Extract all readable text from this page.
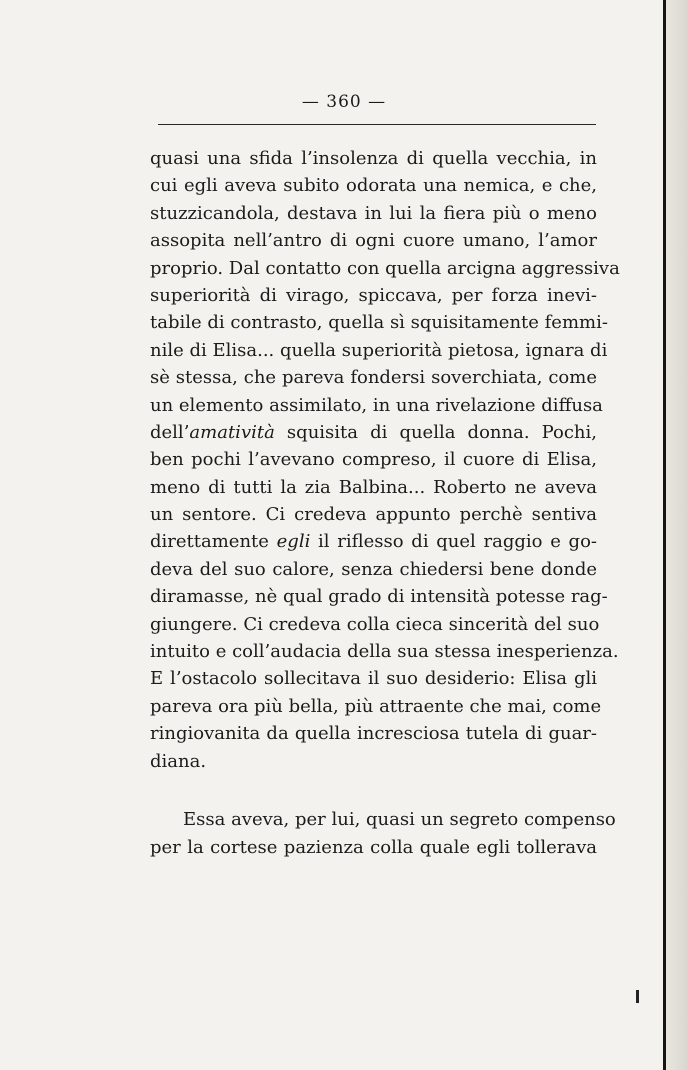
— 360 —
quasi una sfida l’insolenza di quella vecchia, in
cui egli aveva subito odorata una nemica, e che,
stuzzicandola, destava in lui la fiera più o meno
assopita nell’antro di ogni cuore umano, l’amor
proprio. Dal contatto con quella arcigna aggressiva
superiorità di virago, spiccava, per forza inevi-
tabile di contrasto, quella sì squisitamente femmi-
nile di Elisa... quella superiorità pietosa, ignara di
sè stessa, che pareva fondersi soverchiata, come
un elemento assimilato, in una rivelazione diffusa
dell’amatività squisita di quella donna. Pochi,
ben pochi l’avevano compreso, il cuore di Elisa,
meno di tutti la zia Balbina... Roberto ne aveva
un sentore. Ci credeva appunto perchè sentiva
direttamente egli il riflesso di quel raggio e go-
deva del suo calore, senza chiedersi bene donde
diramasse, nè qual grado di intensità potesse rag-
giungere. Ci credeva colla cieca sincerità del suo
intuito e coll’audacia della sua stessa inesperienza.
E l’ostacolo sollecitava il suo desiderio: Elisa gli
pareva ora più bella, più attraente che mai, come
ringiovanita da quella incresciosa tutela di guar-
diana.
Essa aveva, per lui, quasi un segreto compenso
per la cortese pazienza colla quale egli tollerava
